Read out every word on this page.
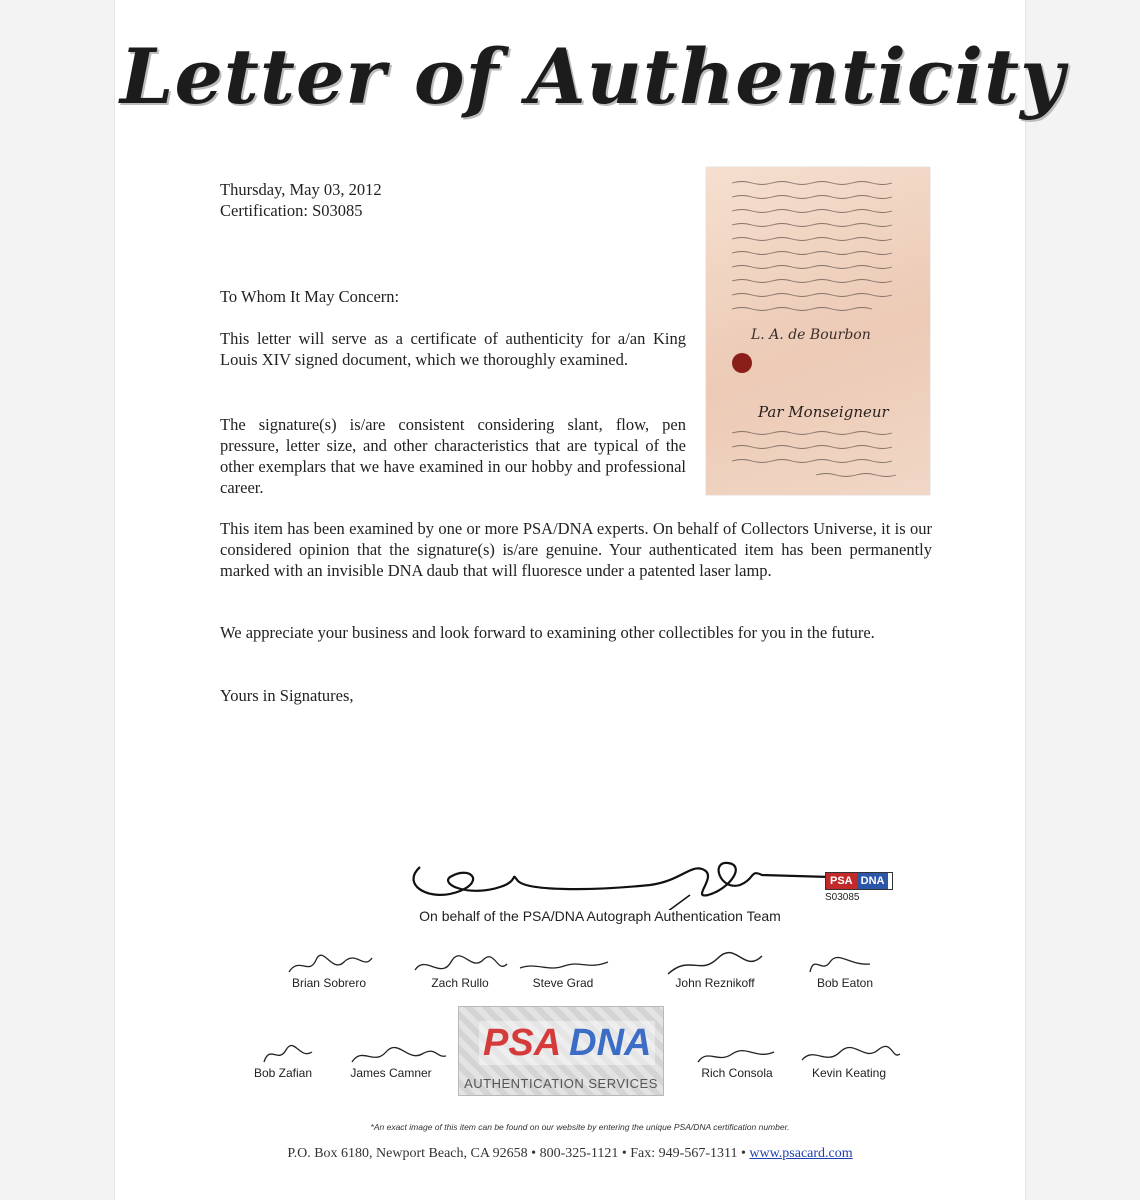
Letter of Authenticity
Thursday, May 03, 2012
Certification: S03085
To Whom It May Concern:
This letter will serve as a certificate of authenticity for a/an King Louis XIV signed document, which we thoroughly examined.
The signature(s) is/are consistent considering slant, flow, pen pressure, letter size, and other characteristics that are typical of the other exemplars that we have examined in our hobby and professional career.
This item has been examined by one or more PSA/DNA experts. On behalf of Collectors Universe, it is our considered opinion that the signature(s) is/are genuine. Your authenticated item has been permanently marked with an invisible DNA daub that will fluoresce under a patented laser lamp.
We appreciate your business and look forward to examining other collectibles for you in the future.
Yours in Signatures,
L. A. de Bourbon
Par Monseigneur
PSA DNA
S03085
On behalf of the PSA/DNA Autograph Authentication Team
Brian Sobrero	Zach Rullo	Steve Grad	John Reznikoff	Bob Eaton
Bob Zafian	James Camner	Rich Consola	Kevin Keating
PSA DNA
AUTHENTICATION SERVICES
*An exact image of this item can be found on our website by entering the unique PSA/DNA certification number.
P.O. Box 6180, Newport Beach, CA 92658 • 800-325-1121 • Fax: 949-567-1311 • www.psacard.com
